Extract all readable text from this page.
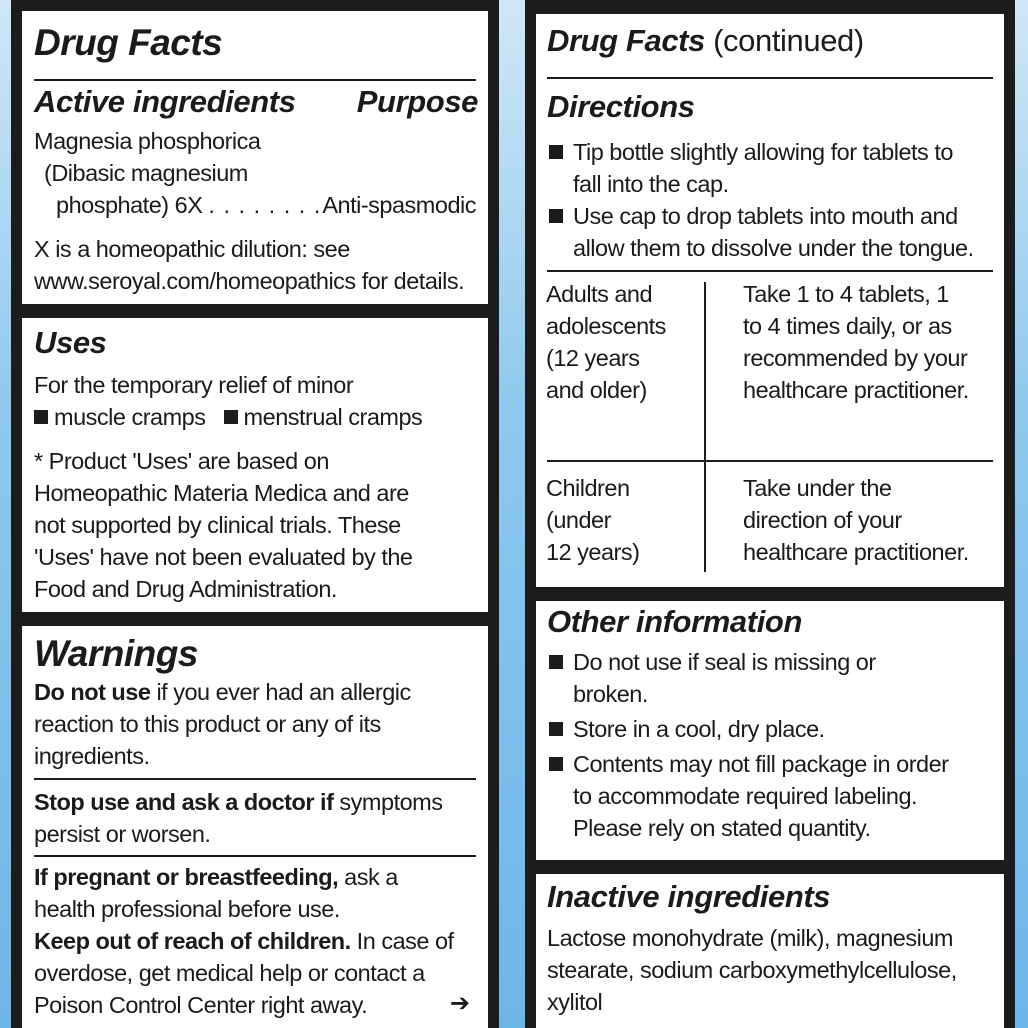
Drug Facts
Active ingredients Purpose
Magnesia phosphorica
(Dibasic magnesium
phosphate) 6X . . . . . . . . Anti-spasmodic
X is a homeopathic dilution: see
www.seroyal.com/homeopathics for details.
Uses
For the temporary relief of minor
muscle cramps menstrual cramps
* Product 'Uses' are based on
Homeopathic Materia Medica and are
not supported by clinical trials. These
'Uses' have not been evaluated by the
Food and Drug Administration.
Warnings
Do not use if you ever had an allergic
reaction to this product or any of its
ingredients.
Stop use and ask a doctor if symptoms
persist or worsen.
If pregnant or breastfeeding, ask a
health professional before use.
Keep out of reach of children. In case of
overdose, get medical help or contact a
Poison Control Center right away.	➔
Drug Facts (continued)
Directions
Tip bottle slightly allowing for tablets to
fall into the cap.
Use cap to drop tablets into mouth and
allow them to dissolve under the tongue.
Adults and
adolescents
(12 years
and older)
Take 1 to 4 tablets, 1
to 4 times daily, or as
recommended by your
healthcare practitioner.
Children
(under
12 years)
Take under the
direction of your
healthcare practitioner.
Other information
Do not use if seal is missing or
broken.
Store in a cool, dry place.
Contents may not fill package in order
to accommodate required labeling.
Please rely on stated quantity.
Inactive ingredients
Lactose monohydrate (milk), magnesium
stearate, sodium carboxymethylcellulose,
xylitol
